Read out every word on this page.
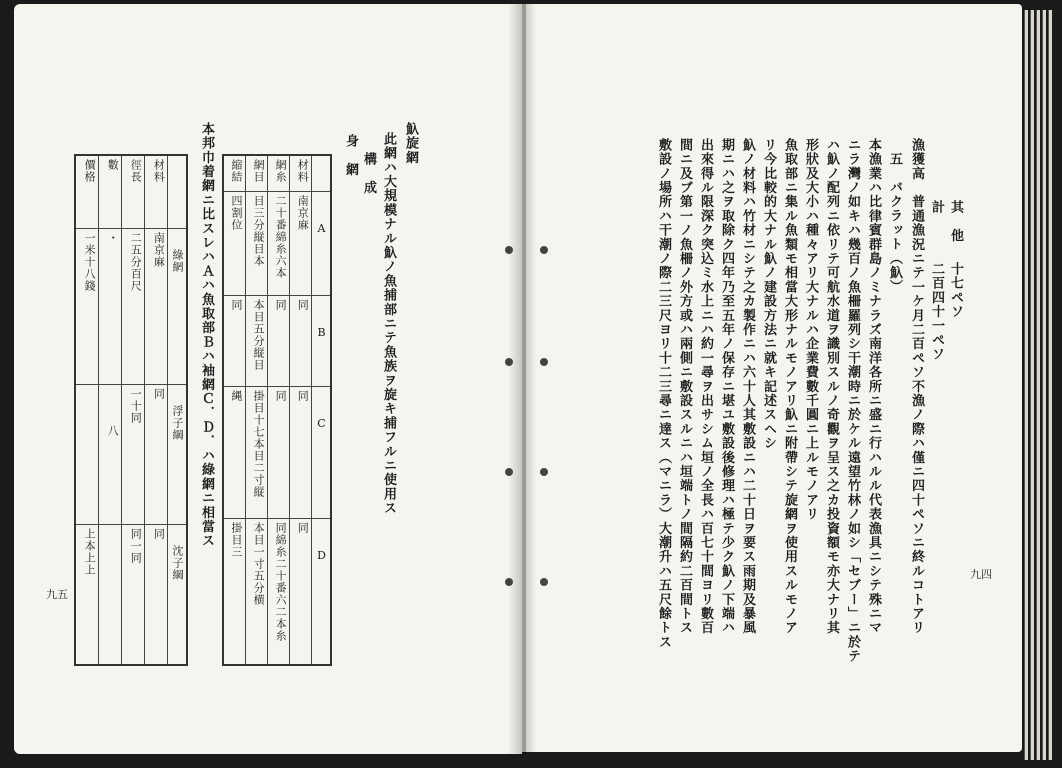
魞旋網
此網ハ大規模ナル魞ノ魚捕部ニテ魚族ヲ旋キ捕フルニ使用ス
構　成
身　網
縮結	網目	網糸	材料	

四割位	目三分縦目本	二十番綿糸六本	南京麻	A

同	本目五分縦目	同	同	B

縄	掛目十七本目二寸縦	同	同	C

掛目三	本目一寸五分横	同綿糸二十番六二本糸	同	D
本邦巾着網ニ比スレハＡハ魚取部Ｂハ袖網Ｃ．Ｄ．ハ綠網ニ相當ス
價格	數	徑長	材料	

一米十八錢	・	二五分百尺	南京麻	綠網

	八	一十同	同	浮子綱

上本上上		同一同	同	沈子綱
九五
九四
其　他
十七ペソ
計
二百四十一ペソ
漁獲高　普通漁況ニテ一ケ月二百ペソ不漁ノ際ハ僅ニ四十ペソニ終ルコトアリ
五　バクラット（魞）
本漁業ハ比律賓群島ノミナラズ南洋各所ニ盛ニ行ハルル代表漁具ニシテ殊ニマ
ニラ灣ノ如キハ幾百ノ魚柵羅列シ干潮時ニ於ケル遠望竹林ノ如シ「セブー」ニ於テ
ハ魞ノ配列ニ依リテ可航水道ヲ識別スルノ奇觀ヲ呈ス之カ投資額モ亦大ナリ其
形狀及大小ハ種々アリ大ナルハ企業費數千圓ニ上ルモノアリ
魚取部ニ集ル魚類モ相當大形ナルモノアリ魞ニ附帶シテ旋網ヲ使用スルモノア
リ今比較的大ナル魞ノ建設方法ニ就キ記述スヘシ
魞ノ材料ハ竹材ニシテ之カ製作ニハ六十人其敷設ニハ二十日ヲ要ス雨期及暴風
期ニハ之ヲ取除ク四年乃至五年ノ保存ニ堪ユ敷設後修理ハ極テ少ク魞ノ下端ハ
出來得ル限深ク突込ミ水上ニハ約一尋ヲ出サシム垣ノ全長ハ百七十間ヨリ數百
間ニ及ブ第一ノ魚柵ノ外方或ハ兩側ニ敷設スルニハ垣端トノ間隔約二百間トス
敷設ノ場所ハ干潮ノ際二三尺ヨリ十二三尋ニ達ス（マニラ）大潮升ハ五尺餘トス
